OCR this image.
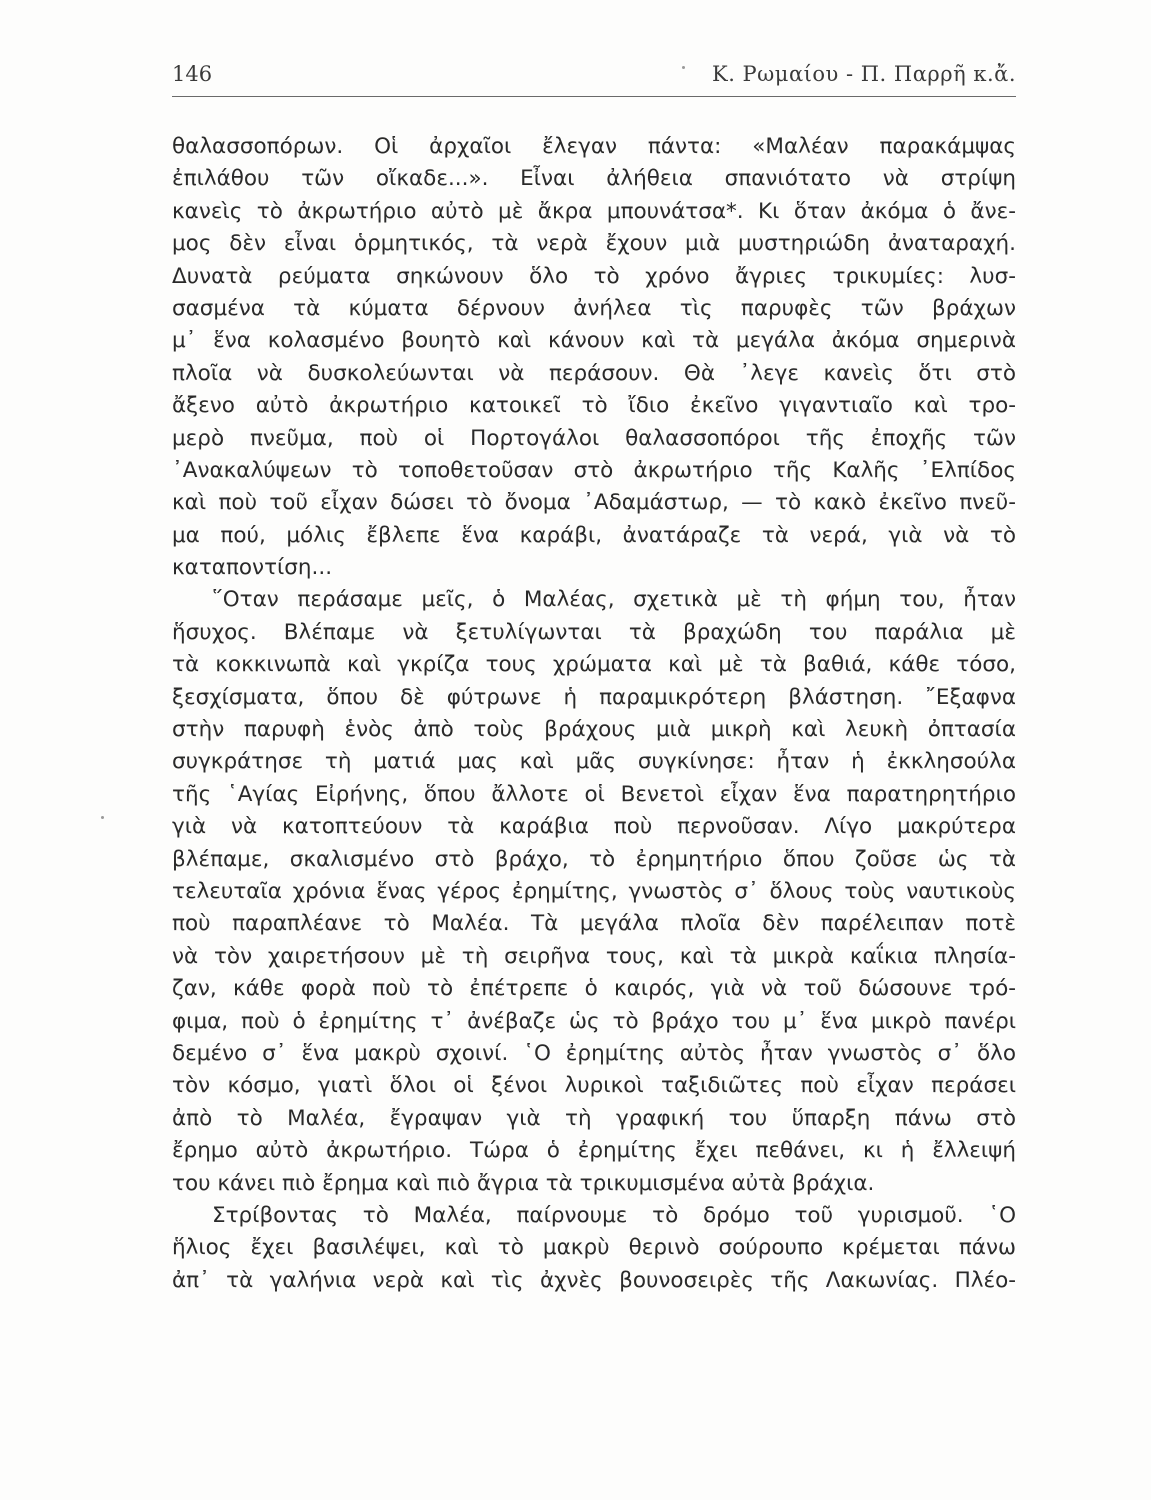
146	Κ. Ρωμαίου - Π. Παρρῆ κ.ἄ.
θαλασσοπόρων. Οἱ ἀρχαῖοι ἔλεγαν πάντα: «Μαλέαν παρακάμψας
ἐπιλάθου τῶν οἴκαδε...». Εἶναι ἀλήθεια σπανιότατο νὰ στρίψη
κανεὶς τὸ ἀκρωτήριο αὐτὸ μὲ ἄκρα μπουνάτσα*. Κι ὅταν ἀκόμα ὁ ἄνε-
μος δὲν εἶναι ὁρμητικός, τὰ νερὰ ἔχουν μιὰ μυστηριώδη ἀναταραχή.
Δυνατὰ ρεύματα σηκώνουν ὅλο τὸ χρόνο ἄγριες τρικυμίες: λυσ-
σασμένα τὰ κύματα δέρνουν ἀνήλεα τὶς παρυφὲς τῶν βράχων
μ᾽ ἕνα κολασμένο βουητὸ καὶ κάνουν καὶ τὰ μεγάλα ἀκόμα σημερινὰ
πλοῖα νὰ δυσκολεύωνται νὰ περάσουν. Θὰ ᾽λεγε κανεὶς ὅτι στὸ
ἄξενο αὐτὸ ἀκρωτήριο κατοικεῖ τὸ ἴδιο ἐκεῖνο γιγαντιαῖο καὶ τρο-
μερὸ πνεῦμα, ποὺ οἱ Πορτογάλοι θαλασσοπόροι τῆς ἐποχῆς τῶν
᾽Ανακαλύψεων τὸ τοποθετοῦσαν στὸ ἀκρωτήριο τῆς Καλῆς ᾽Ελπίδος
καὶ ποὺ τοῦ εἶχαν δώσει τὸ ὄνομα ᾽Αδαμάστωρ, — τὸ κακὸ ἐκεῖνο πνεῦ-
μα πού, μόλις ἔβλεπε ἕνα καράβι, ἀνατάραζε τὰ νερά, γιὰ νὰ τὸ
καταποντίση...
῞Οταν περάσαμε μεῖς, ὁ Μαλέας, σχετικὰ μὲ τὴ φήμη του, ἦταν
ἥσυχος. Βλέπαμε νὰ ξετυλίγωνται τὰ βραχώδη του παράλια μὲ
τὰ κοκκινωπὰ καὶ γκρίζα τους χρώματα καὶ μὲ τὰ βαθιά, κάθε τόσο,
ξεσχίσματα, ὅπου δὲ φύτρωνε ἡ παραμικρότερη βλάστηση. ῎Εξαφνα
στὴν παρυφὴ ἑνὸς ἀπὸ τοὺς βράχους μιὰ μικρὴ καὶ λευκὴ ὀπτασία
συγκράτησε τὴ ματιά μας καὶ μᾶς συγκίνησε: ἦταν ἡ ἐκκλησούλα
τῆς ῾Αγίας Εἰρήνης, ὅπου ἄλλοτε οἱ Βενετοὶ εἶχαν ἕνα παρατηρητήριο
γιὰ νὰ κατοπτεύουν τὰ καράβια ποὺ περνοῦσαν. Λίγο μακρύτερα
βλέπαμε, σκαλισμένο στὸ βράχο, τὸ ἐρημητήριο ὅπου ζοῦσε ὡς τὰ
τελευταῖα χρόνια ἕνας γέρος ἐρημίτης, γνωστὸς σ᾽ ὅλους τοὺς ναυτικοὺς
ποὺ παραπλέανε τὸ Μαλέα. Τὰ μεγάλα πλοῖα δὲν παρέλειπαν ποτὲ
νὰ τὸν χαιρετήσουν μὲ τὴ σειρῆνα τους, καὶ τὰ μικρὰ καΐκια πλησία-
ζαν, κάθε φορὰ ποὺ τὸ ἐπέτρεπε ὁ καιρός, γιὰ νὰ τοῦ δώσουνε τρό-
φιμα, ποὺ ὁ ἐρημίτης τ᾽ ἀνέβαζε ὡς τὸ βράχο του μ᾽ ἕνα μικρὸ πανέρι
δεμένο σ᾽ ἕνα μακρὺ σχοινί. ῾Ο ἐρημίτης αὐτὸς ἦταν γνωστὸς σ᾽ ὅλο
τὸν κόσμο, γιατὶ ὅλοι οἱ ξένοι λυρικοὶ ταξιδιῶτες ποὺ εἶχαν περάσει
ἀπὸ τὸ Μαλέα, ἔγραψαν γιὰ τὴ γραφική του ὕπαρξη πάνω στὸ
ἔρημο αὐτὸ ἀκρωτήριο. Τώρα ὁ ἐρημίτης ἔχει πεθάνει, κι ἡ ἔλλειψή
του κάνει πιὸ ἔρημα καὶ πιὸ ἄγρια τὰ τρικυμισμένα αὐτὰ βράχια.
Στρίβοντας τὸ Μαλέα, παίρνουμε τὸ δρόμο τοῦ γυρισμοῦ. ῾Ο
ἥλιος ἔχει βασιλέψει, καὶ τὸ μακρὺ θερινὸ σούρουπο κρέμεται πάνω
ἀπ᾽ τὰ γαλήνια νερὰ καὶ τὶς ἀχνὲς βουνοσειρὲς τῆς Λακωνίας. Πλέο-
